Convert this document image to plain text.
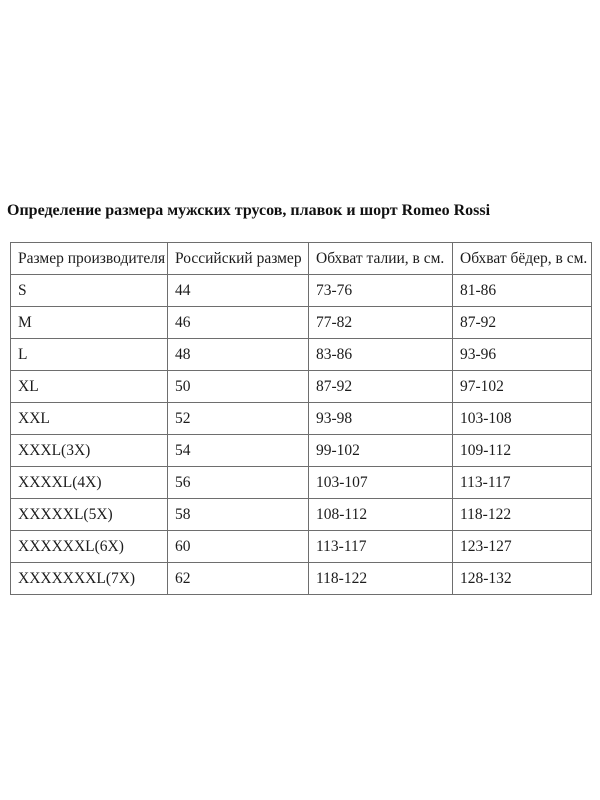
Определение размера мужских трусов, плавок и шорт Romeo Rossi
Размер производителя	Российский размер	Обхват талии, в см.	Обхват бёдер, в см.
S	44	73-76	81-86
M	46	77-82	87-92
L	48	83-86	93-96
XL	50	87-92	97-102
XXL	52	93-98	103-108
XXXL(3X)	54	99-102	109-112
XXXXL(4X)	56	103-107	113-117
XXXXXL(5X)	58	108-112	118-122
XXXXXXL(6X)	60	113-117	123-127
XXXXXXXL(7X)	62	118-122	128-132
